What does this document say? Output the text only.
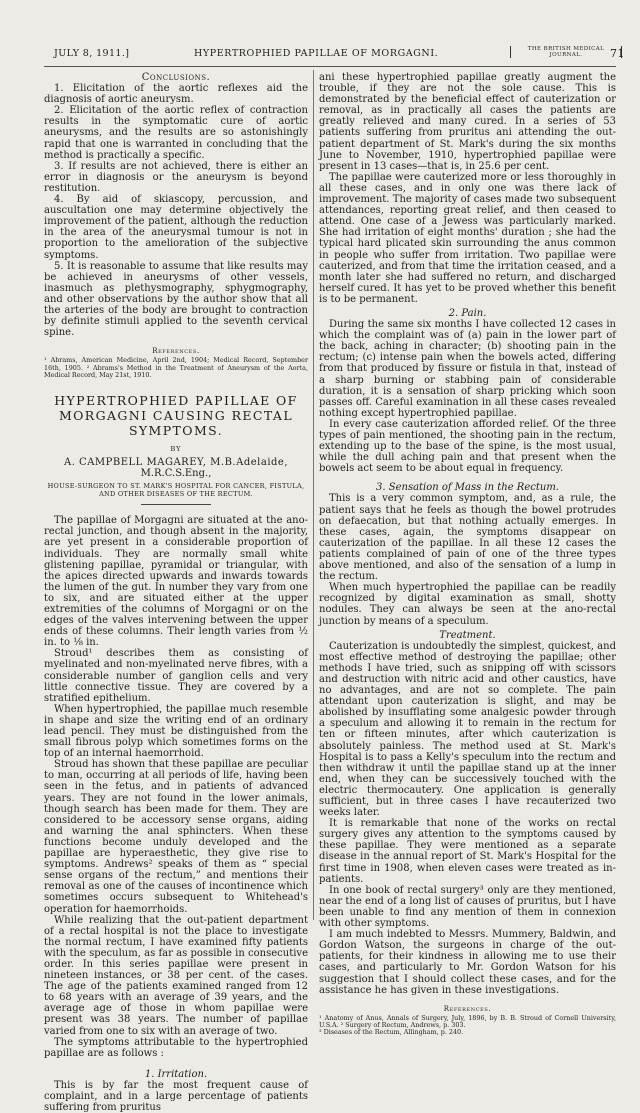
JULY 8, 1911.]	HYPERTROPHIED PAPILLAE OF MORGAGNI.	THE BRITISH MEDICAL JOURNAL.	71

Conclusions.

1. Elicitation of the aortic reflexes aid the diagnosis of aortic aneurysm.

2. Elicitation of the aortic reflex of contraction results in the symptomatic cure of aortic aneurysms, and the results are so astonishingly rapid that one is warranted in concluding that the method is practically a specific.

3. If results are not achieved, there is either an error in diagnosis or the aneurysm is beyond restitution.

4. By aid of skiascopy, percussion, and auscultation one may determine objectively the improvement of the patient, although the reduction in the area of the aneurysmal tumour is not in proportion to the amelioration of the subjective symptoms.

5. It is reasonable to assume that like results may be achieved in aneurysms of other vessels, inasmuch as plethysmography, sphygmography, and other observations by the author show that all the arteries of the body are brought to contraction by definite stimuli applied to the seventh cervical spine.

References.
¹ Abrams, American Medicine, April 2nd, 1904; Medical Record, September 16th, 1905. ² Abrams's Method in the Treatment of Aneurysm of the Aorta, Medical Record, May 21st, 1910.
HYPERTROPHIED PAPILLAE OF MORGAGNI CAUSING RECTAL SYMPTOMS.
BY
A. CAMPBELL MAGAREY, M.B.Adelaide,
M.R.C.S.Eng.,
HOUSE-SURGEON TO ST. MARK'S HOSPITAL FOR CANCER, FISTULA, AND OTHER DISEASES OF THE RECTUM.

The papillae of Morgagni are situated at the ano-rectal junction, and though absent in the majority, are yet present in a considerable proportion of individuals. They are normally small white glistening papillae, pyramidal or triangular, with the apices directed upwards and inwards towards the lumen of the gut. In number they vary from one to six, and are situated either at the upper extremities of the columns of Morgagni or on the edges of the valves intervening between the upper ends of these columns. Their length varies from ½ in. to ⅛ in.

Stroud¹ describes them as consisting of myelinated and non-myelinated nerve fibres, with a considerable number of ganglion cells and very little connective tissue. They are covered by a stratified epithelium.

When hypertrophied, the papillae much resemble in shape and size the writing end of an ordinary lead pencil. They must be distinguished from the small fibrous polyp which sometimes forms on the top of an internal haemorrhoid.

Stroud has shown that these papillae are peculiar to man, occurring at all periods of life, having been seen in the fetus, and in patients of advanced years. They are not found in the lower animals, though search has been made for them. They are considered to be accessory sense organs, aiding and warning the anal sphincters. When these functions become unduly developed and the papillae are hyperaesthetic, they give rise to symptoms. Andrews² speaks of them as “ special sense organs of the rectum,” and mentions their removal as one of the causes of incontinence which sometimes occurs subsequent to Whitehead's operation for haemorrhoids.

While realizing that the out-patient department of a rectal hospital is not the place to investigate the normal rectum, I have examined fifty patients with the speculum, as far as possible in consecutive order. In this series papillae were present in nineteen instances, or 38 per cent. of the cases. The age of the patients examined ranged from 12 to 68 years with an average of 39 years, and the average age of those in whom papillae were present was 38 years. The number of papillae varied from one to six with an average of two.

The symptoms attributable to the hypertrophied papillae are as follows :

1. Irritation.

This is by far the most frequent cause of complaint, and in a large percentage of patients suffering from pruritus

ani these hypertrophied papillae greatly augment the trouble, if they are not the sole cause. This is demonstrated by the beneficial effect of cauterization or removal, as in practically all cases the patients are greatly relieved and many cured. In a series of 53 patients suffering from pruritus ani attending the out-patient department of St. Mark's during the six months June to November, 1910, hypertrophied papillae were present in 13 cases—that is, in 25.6 per cent.

The papillae were cauterized more or less thoroughly in all these cases, and in only one was there lack of improvement. The majority of cases made two subsequent attendances, reporting great relief, and then ceased to attend. One case of a Jewess was particularly marked. She had irritation of eight months' duration ; she had the typical hard plicated skin surrounding the anus common in people who suffer from irritation. Two papillae were cauterized, and from that time the irritation ceased, and a month later she had suffered no return, and discharged herself cured. It has yet to be proved whether this benefit is to be permanent.

2. Pain.

During the same six months I have collected 12 cases in which the complaint was of (a) pain in the lower part of the back, aching in character; (b) shooting pain in the rectum; (c) intense pain when the bowels acted, differing from that produced by fissure or fistula in that, instead of a sharp burning or stabbing pain of considerable duration, it is a sensation of sharp pricking which soon passes off. Careful examination in all these cases revealed nothing except hypertrophied papillae.

In every case cauterization afforded relief. Of the three types of pain mentioned, the shooting pain in the rectum, extending up to the base of the spine, is the most usual, while the dull aching pain and that present when the bowels act seem to be about equal in frequency.

3. Sensation of Mass in the Rectum.

This is a very common symptom, and, as a rule, the patient says that he feels as though the bowel protrudes on defaecation, but that nothing actually emerges. In these cases, again, the symptoms disappear on cauterization of the papillae. In all these 12 cases the patients complained of pain of one of the three types above mentioned, and also of the sensation of a lump in the rectum.

When much hypertrophied the papillae can be readily recognized by digital examination as small, shotty nodules. They can always be seen at the ano-rectal junction by means of a speculum.

Treatment.

Cauterization is undoubtedly the simplest, quickest, and most effective method of destroying the papillae; other methods I have tried, such as snipping off with scissors and destruction with nitric acid and other caustics, have no advantages, and are not so complete. The pain attendant upon cauterization is slight, and may be abolished by insufflating some analgesic powder through a speculum and allowing it to remain in the rectum for ten or fifteen minutes, after which cauterization is absolutely painless. The method used at St. Mark's Hospital is to pass a Kelly's speculum into the rectum and then withdraw it until the papillae stand up at the inner end, when they can be successively touched with the electric thermocautery. One application is generally sufficient, but in three cases I have recauterized two weeks later.

It is remarkable that none of the works on rectal surgery gives any attention to the symptoms caused by these papillae. They were mentioned as a separate disease in the annual report of St. Mark's Hospital for the first time in 1908, when eleven cases were treated as in-patients.

In one book of rectal surgery³ only are they mentioned, near the end of a long list of causes of pruritus, but I have been unable to find any mention of them in connexion with other symptoms.

I am much indebted to Messrs. Mummery, Baldwin, and Gordon Watson, the surgeons in charge of the out-patients, for their kindness in allowing me to use their cases, and particularly to Mr. Gordon Watson for his suggestion that I should collect these cases, and for the assistance he has given in these investigations.

References.
¹ Anatomy of Anus, Annals of Surgery, July, 1896, by B. B. Stroud of Cornell University, U.S.A. ² Surgery of Rectum, Andrews, p. 303.
³ Diseases of the Rectum, Allingham, p. 240.
